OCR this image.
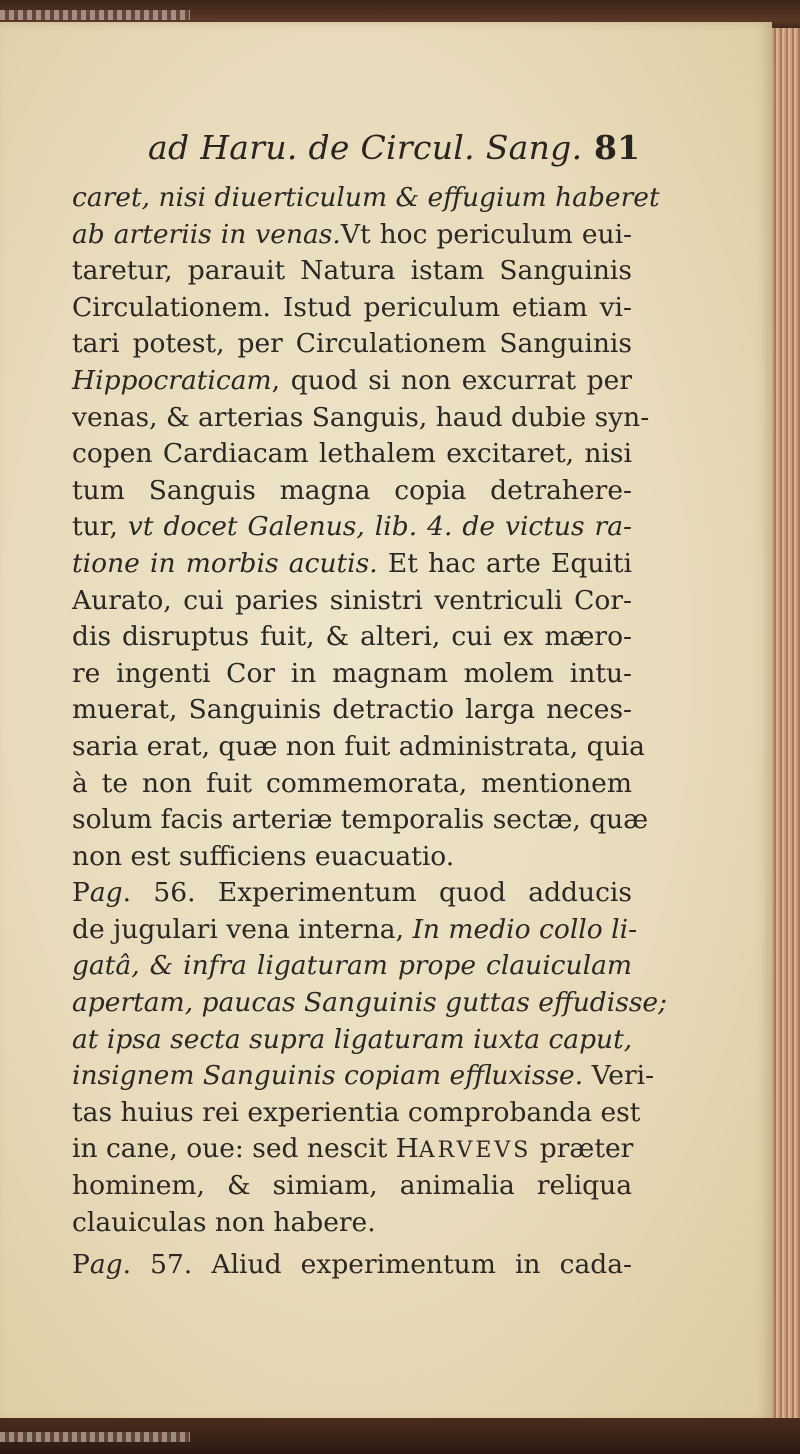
ad Haru. de Circul. Sang. 81
caret, nisi diuerticulum & effugium haberet
ab arteriis in venas.Vt hoc periculum eui-
taretur, parauit Natura istam Sanguinis
Circulationem. Istud periculum etiam vi-
tari potest, per Circulationem Sanguinis
Hippocraticam, quod si non excurrat per
venas, & arterias Sanguis, haud dubie syn-
copen Cardiacam lethalem excitaret, nisi
tum Sanguis magna copia detrahere-
tur, vt docet Galenus, lib. 4. de victus ra-
tione in morbis acutis. Et hac arte Equiti
Aurato, cui paries sinistri ventriculi Cor-
dis disruptus fuit, & alteri, cui ex mæro-
re ingenti Cor in magnam molem intu-
muerat, Sanguinis detractio larga neces-
saria erat, quæ non fuit administrata, quia
à te non fuit commemorata, mentionem
solum facis arteriæ temporalis sectæ, quæ
non est sufficiens euacuatio.
Pag. 56. Experimentum quod adducis
de jugulari vena interna, In medio collo li-
gatâ, & infra ligaturam prope clauiculam
apertam, paucas Sanguinis guttas effudisse;
at ipsa secta supra ligaturam iuxta caput,
insignem Sanguinis copiam effluxisse. Veri-
tas huius rei experientia comprobanda est
in cane, oue: sed nescit HARVEVS præter
hominem, & simiam, animalia reliqua
clauiculas non habere.
Pag. 57. Aliud experimentum in cada-
